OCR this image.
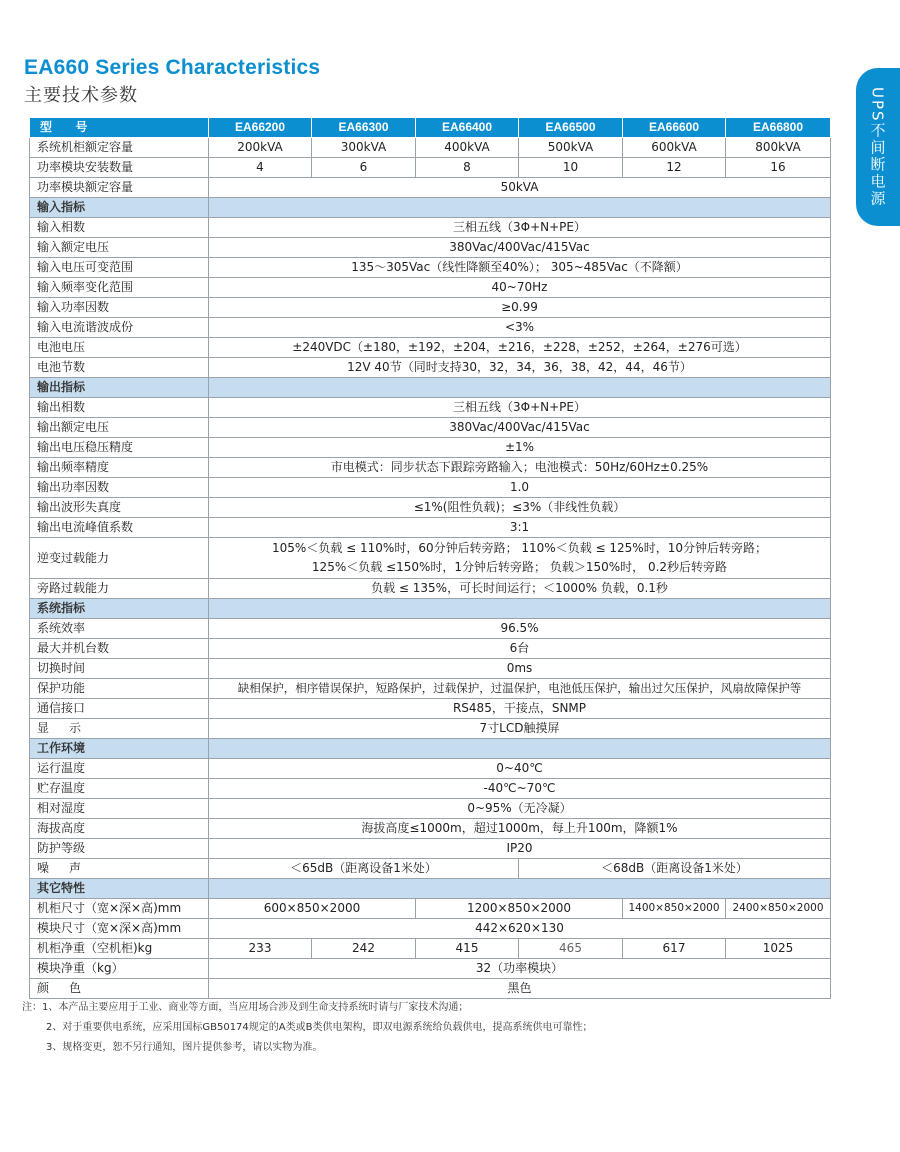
EA660 Series Characteristics
主要技术参数	UPS不间断电源
型 号	EA66200	EA66300	EA66400	EA66500	EA66600	EA66800
系统机柜额定容量	200kVA	300kVA	400kVA	500kVA	600kVA	800kVA
功率模块安装数量	4	6	8	10	12	16
功率模块额定容量	50kVA					
输入指标						
输入相数	三相五线（3Φ+N+PE）					
输入额定电压	380Vac/400Vac/415Vac					
输入电压可变范围	135～305Vac（线性降额至40%）； 305~485Vac（不降额）					
输入频率变化范围	40~70Hz					
输入功率因数	≥0.99					
输入电流谐波成份	<3%					
电池电压	±240VDC（±180，±192，±204，±216，±228，±252，±264，±276可选）					
电池节数	12V 40节（同时支持30，32，34，36，38，42，44，46节）					
输出指标						
输出相数	三相五线（3Φ+N+PE）					
输出额定电压	380Vac/400Vac/415Vac					
输出电压稳压精度	±1%					
输出频率精度	市电模式：同步状态下跟踪旁路输入；电池模式：50Hz/60Hz±0.25%					
输出功率因数	1.0					
输出波形失真度	≤1%(阻性负载)；≤3%（非线性负载）					
输出电流峰值系数	3:1					
逆变过载能力	105%＜负载 ≤ 110%时，60分钟后转旁路； 110%＜负载 ≤ 125%时，10分钟后转旁路；
125%＜负载 ≤150%时，1分钟后转旁路； 负载＞150%时， 0.2秒后转旁路					

旁路过载能力	负载 ≤ 135%，可长时间运行；＜1000% 负载，0.1秒					
系统指标						
系统效率	96.5%					
最大并机台数	6台					
切换时间	0ms					
保护功能	缺相保护，相序错误保护，短路保护，过载保护，过温保护，电池低压保护，输出过欠压保护，风扇故障保护等					
通信接口	RS485，干接点，SNMP					
显示	7寸LCD触摸屏					
工作环境						
运行温度	0~40℃					
贮存温度	-40℃~70℃					
相对湿度	0~95%（无冷凝）					
海拔高度	海拔高度≤1000m，超过1000m，每上升100m，降额1%					
防护等级	IP20					
噪声	＜65dB（距离设备1米处）			＜68dB（距离设备1米处）		
其它特性						
机柜尺寸（宽×深×高)mm	600×850×2000		1200×850×2000		1400×850×2000	2400×850×2000
模块尺寸（宽×深×高)mm	442×620×130					
机柜净重（空机柜)kg	233	242	415	465	617	1025
模块净重（kg）	32（功率模块）					
颜色	黑色					
注：1、本产品主要应用于工业、商业等方面，当应用场合涉及到生命支持系统时请与厂家技术沟通；
2、对于重要供电系统，应采用国标GB50174规定的A类或B类供电架构，即双电源系统给负载供电，提高系统供电可靠性；
3、规格变更，恕不另行通知，图片提供参考，请以实物为准。
